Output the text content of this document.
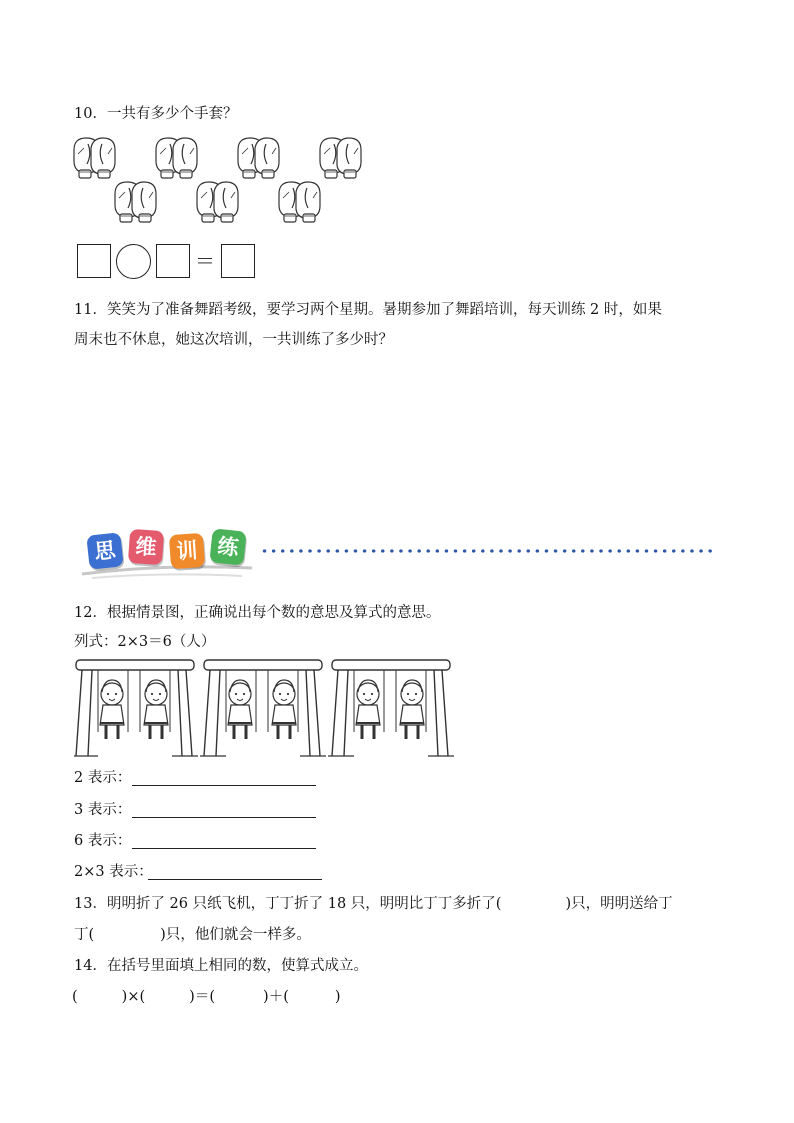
10．一共有多少个手套？
＝
11．笑笑为了准备舞蹈考级，要学习两个星期。暑期参加了舞蹈培训，每天训练 2 时，如果
周末也不休息，她这次培训，一共训练了多少时？
思 维 训 练
12．根据情景图，正确说出每个数的意思及算式的意思。
列式：2×3＝6（人）
2 表示：
3 表示：
6 表示：
2×3 表示：
13．明明折了 26 只纸飞机，丁丁折了 18 只，明明比丁丁多折了(	)只，明明送给丁
丁(	)只，他们就会一样多。
14．在括号里面填上相同的数，使算式成立。
(	)×(	)＝(	)＋(	)
